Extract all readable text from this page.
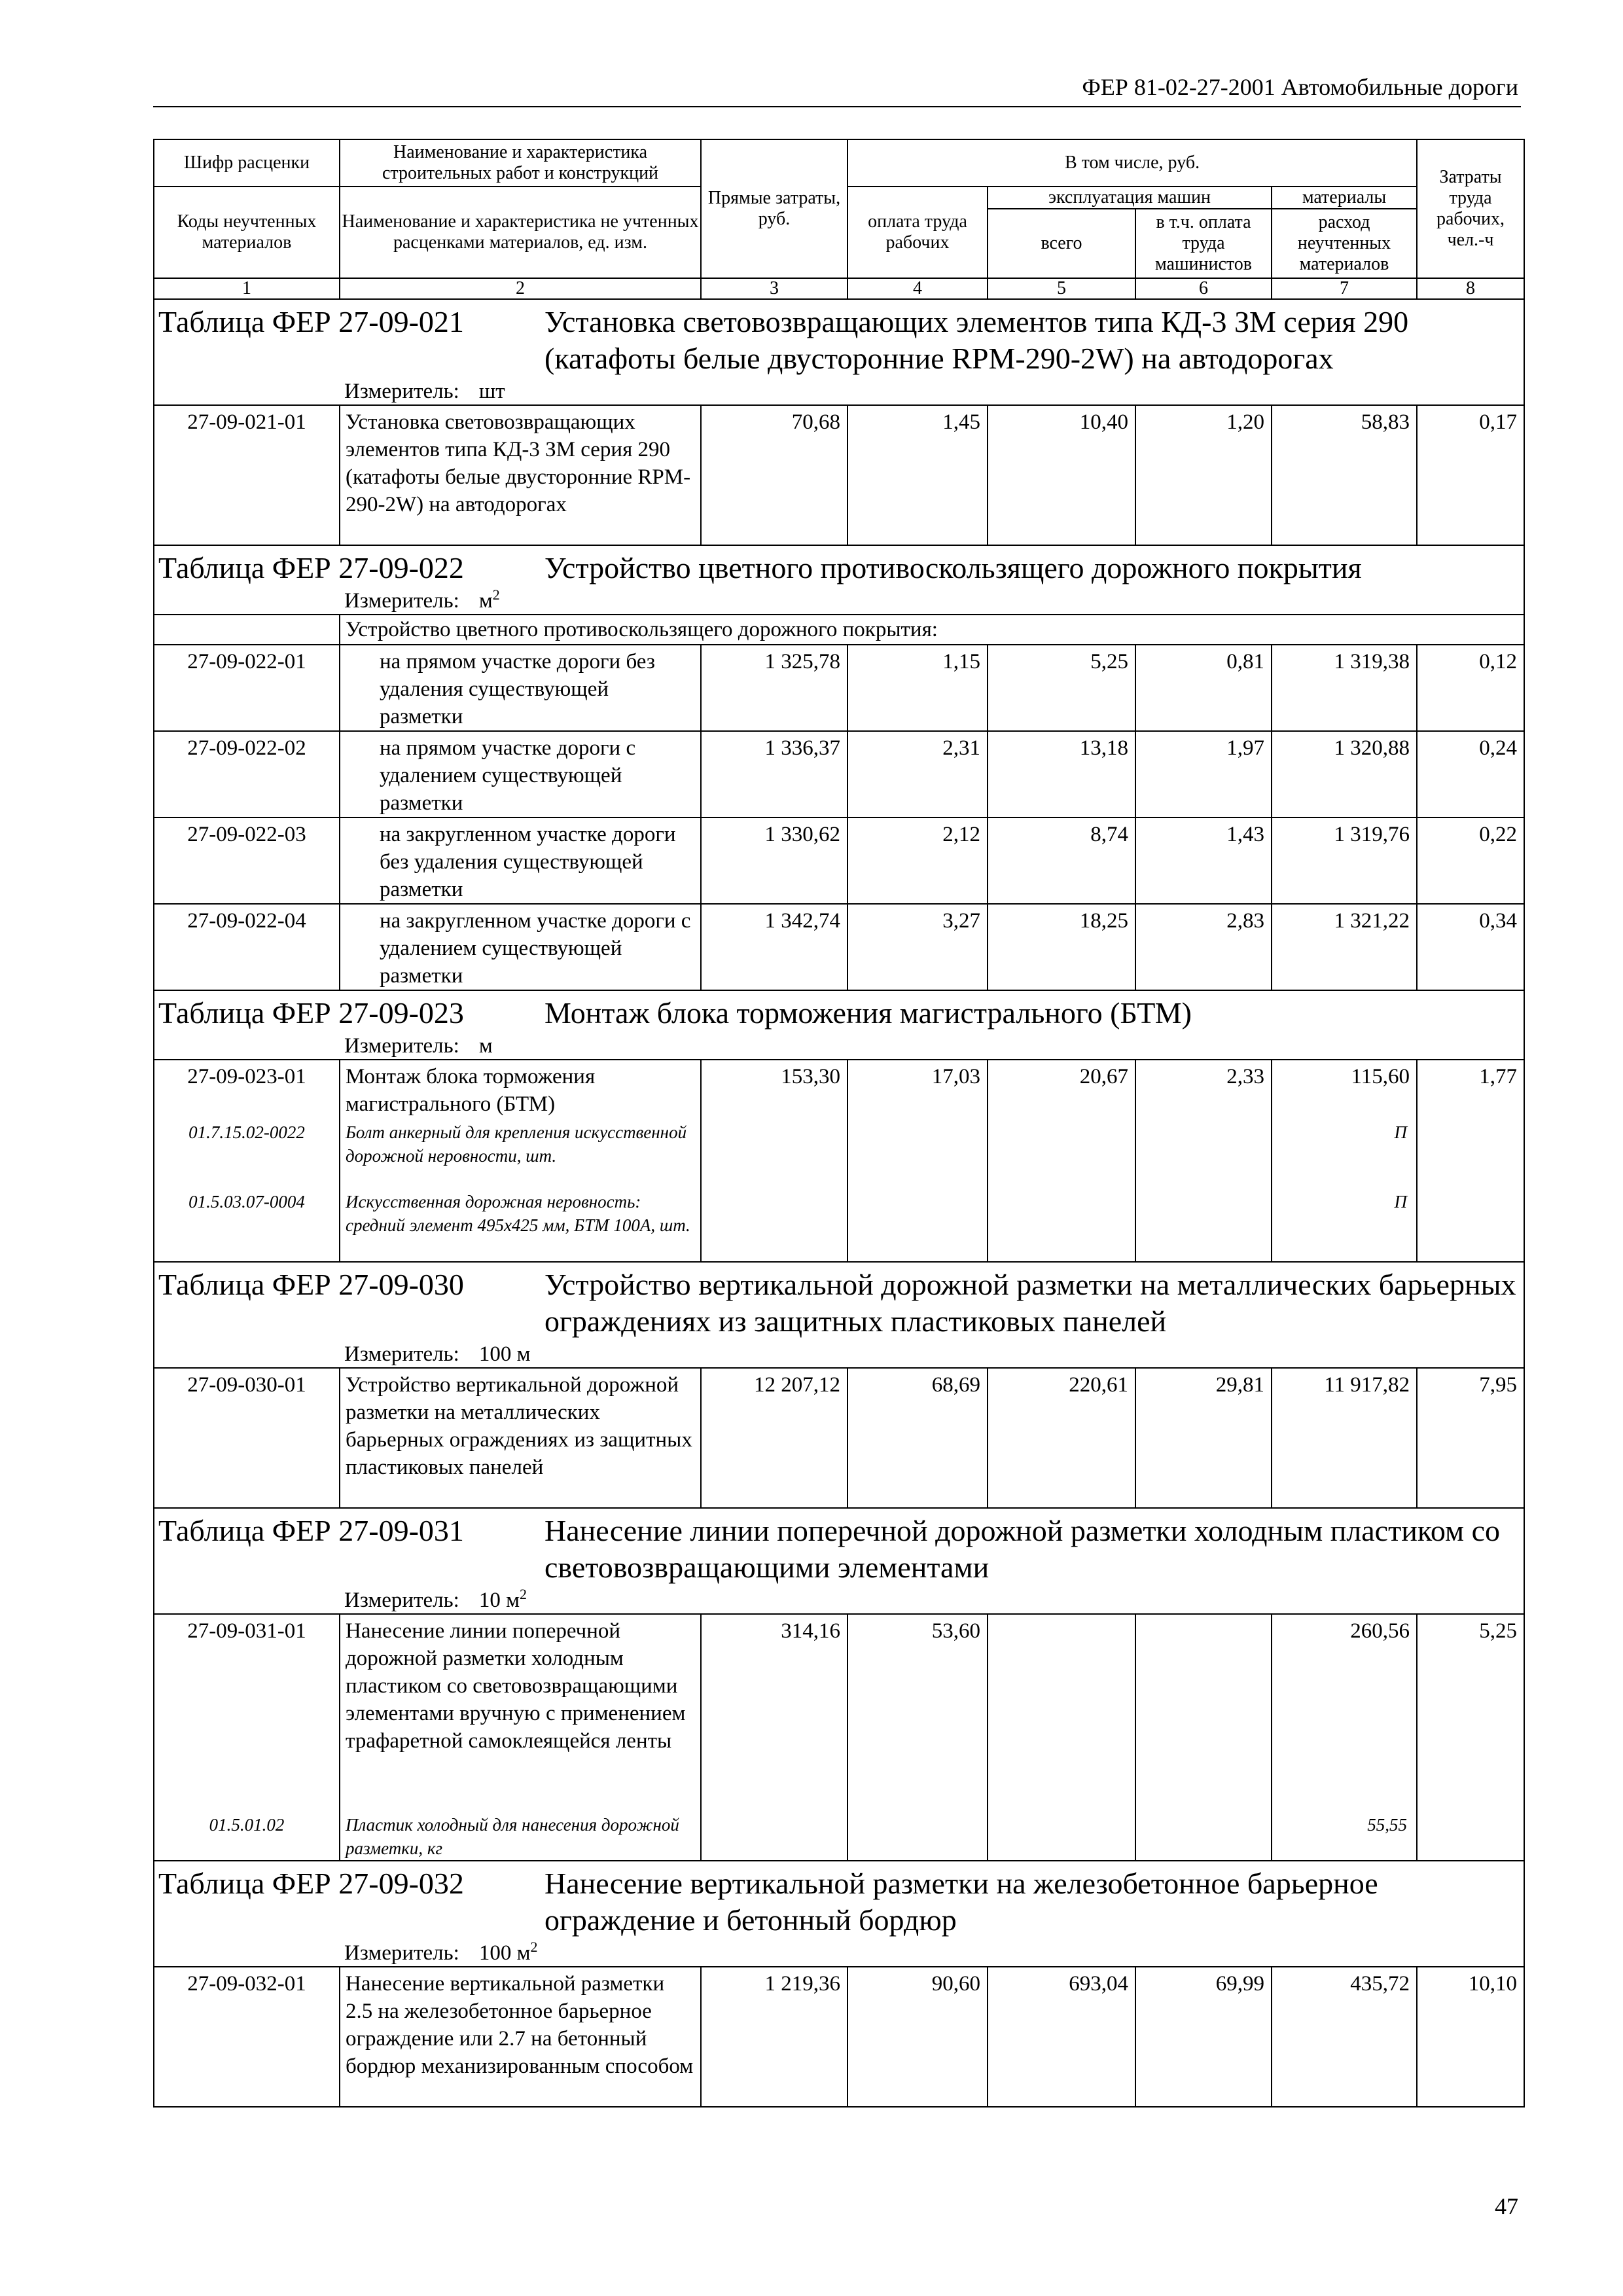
ФЕР 81-02-27-2001 Автомобильные дороги
Шифр расценки	Наименование и характеристика строительных работ и конструкций	Прямые затраты, руб.	В том числе, руб.				Затраты труда рабочих, чел.-ч
Коды неучтенных материалов	Наименование и характеристика не учтенных расценками материалов, ед. изм.		оплата труда рабочих	эксплуатация машин		материалы	
				всего	в т.ч. оплата труда машинистов	расход неучтенных материалов	
1	2	3	4	5	6	7	8

Таблица ФЕР 27-09-021 Установка световозвращающих элементов типа КД-3 ЗМ серия 290 (катафоты белые двусторонние RPM-290-2W) на автодорогах							

Измеритель: шт							
27-09-021-01	Установка световозвращающих элементов типа КД-3 ЗМ серия 290 (катафоты белые двусторонние RPM-290-2W) на автодорогах	70,68	1,45	10,40	1,20	58,83	0,17

Таблица ФЕР 27-09-022 Устройство цветного противоскользящего дорожного покрытия							

Измеритель: $м^2$
	Устройство цветного противоскользящего дорожного покрытия:						
27-09-022-01	на прямом участке дороги без удаления существующей разметки	1 325,78	1,15	5,25	0,81	1 319,38	0,12
27-09-022-02	на прямом участке дороги с удалением существующей разметки	1 336,37	2,31	13,18	1,97	1 320,88	0,24
27-09-022-03	на закругленном участке дороги без удаления существующей разметки	1 330,62	2,12	8,74	1,43	1 319,76	0,22
27-09-022-04	на закругленном участке дороги с удалением существующей разметки	1 342,74	3,27	18,25	2,83	1 321,22	0,34

Таблица ФЕР 27-09-023 Монтаж блока торможения магистрального (БТМ)							

Измеритель: м							
27-09-023-01	Монтаж блока торможения магистрального (БТМ)	153,30	17,03	20,67	2,33	115,60	1,77
01.7.15.02-0022	Болт анкерный для крепления искусственной дорожной неровности, шт.					П	
01.5.03.07-0004	Искусственная дорожная неровность: средний элемент 495х425 мм, БТМ 100А, шт.					П	

Таблица ФЕР 27-09-030 Устройство вертикальной дорожной разметки на металлических барьерных ограждениях из защитных пластиковых панелей							

Измеритель: 100 м							
27-09-030-01	Устройство вертикальной дорожной разметки на металлических барьерных ограждениях из защитных пластиковых панелей	12 207,12	68,69	220,61	29,81	11 917,82	7,95

Таблица ФЕР 27-09-031 Нанесение линии поперечной дорожной разметки холодным пластиком со световозвращающими элементами							

Измеритель: 10 $м^2$
27-09-031-01	Нанесение линии поперечной дорожной разметки холодным пластиком со световозвращающими элементами вручную с применением трафаретной самоклеящейся ленты	314,16	53,60			260,56	5,25
01.5.01.02	Пластик холодный для нанесения дорожной разметки, кг					55,55	

Таблица ФЕР 27-09-032 Нанесение вертикальной разметки на железобетонное барьерное ограждение и бетонный бордюр							

Измеритель: 100 $м^2$
27-09-032-01	Нанесение вертикальной разметки 2.5 на железобетонное барьерное ограждение или 2.7 на бетонный бордюр механизированным способом	1 219,36	90,60	693,04	69,99	435,72	10,10
47
